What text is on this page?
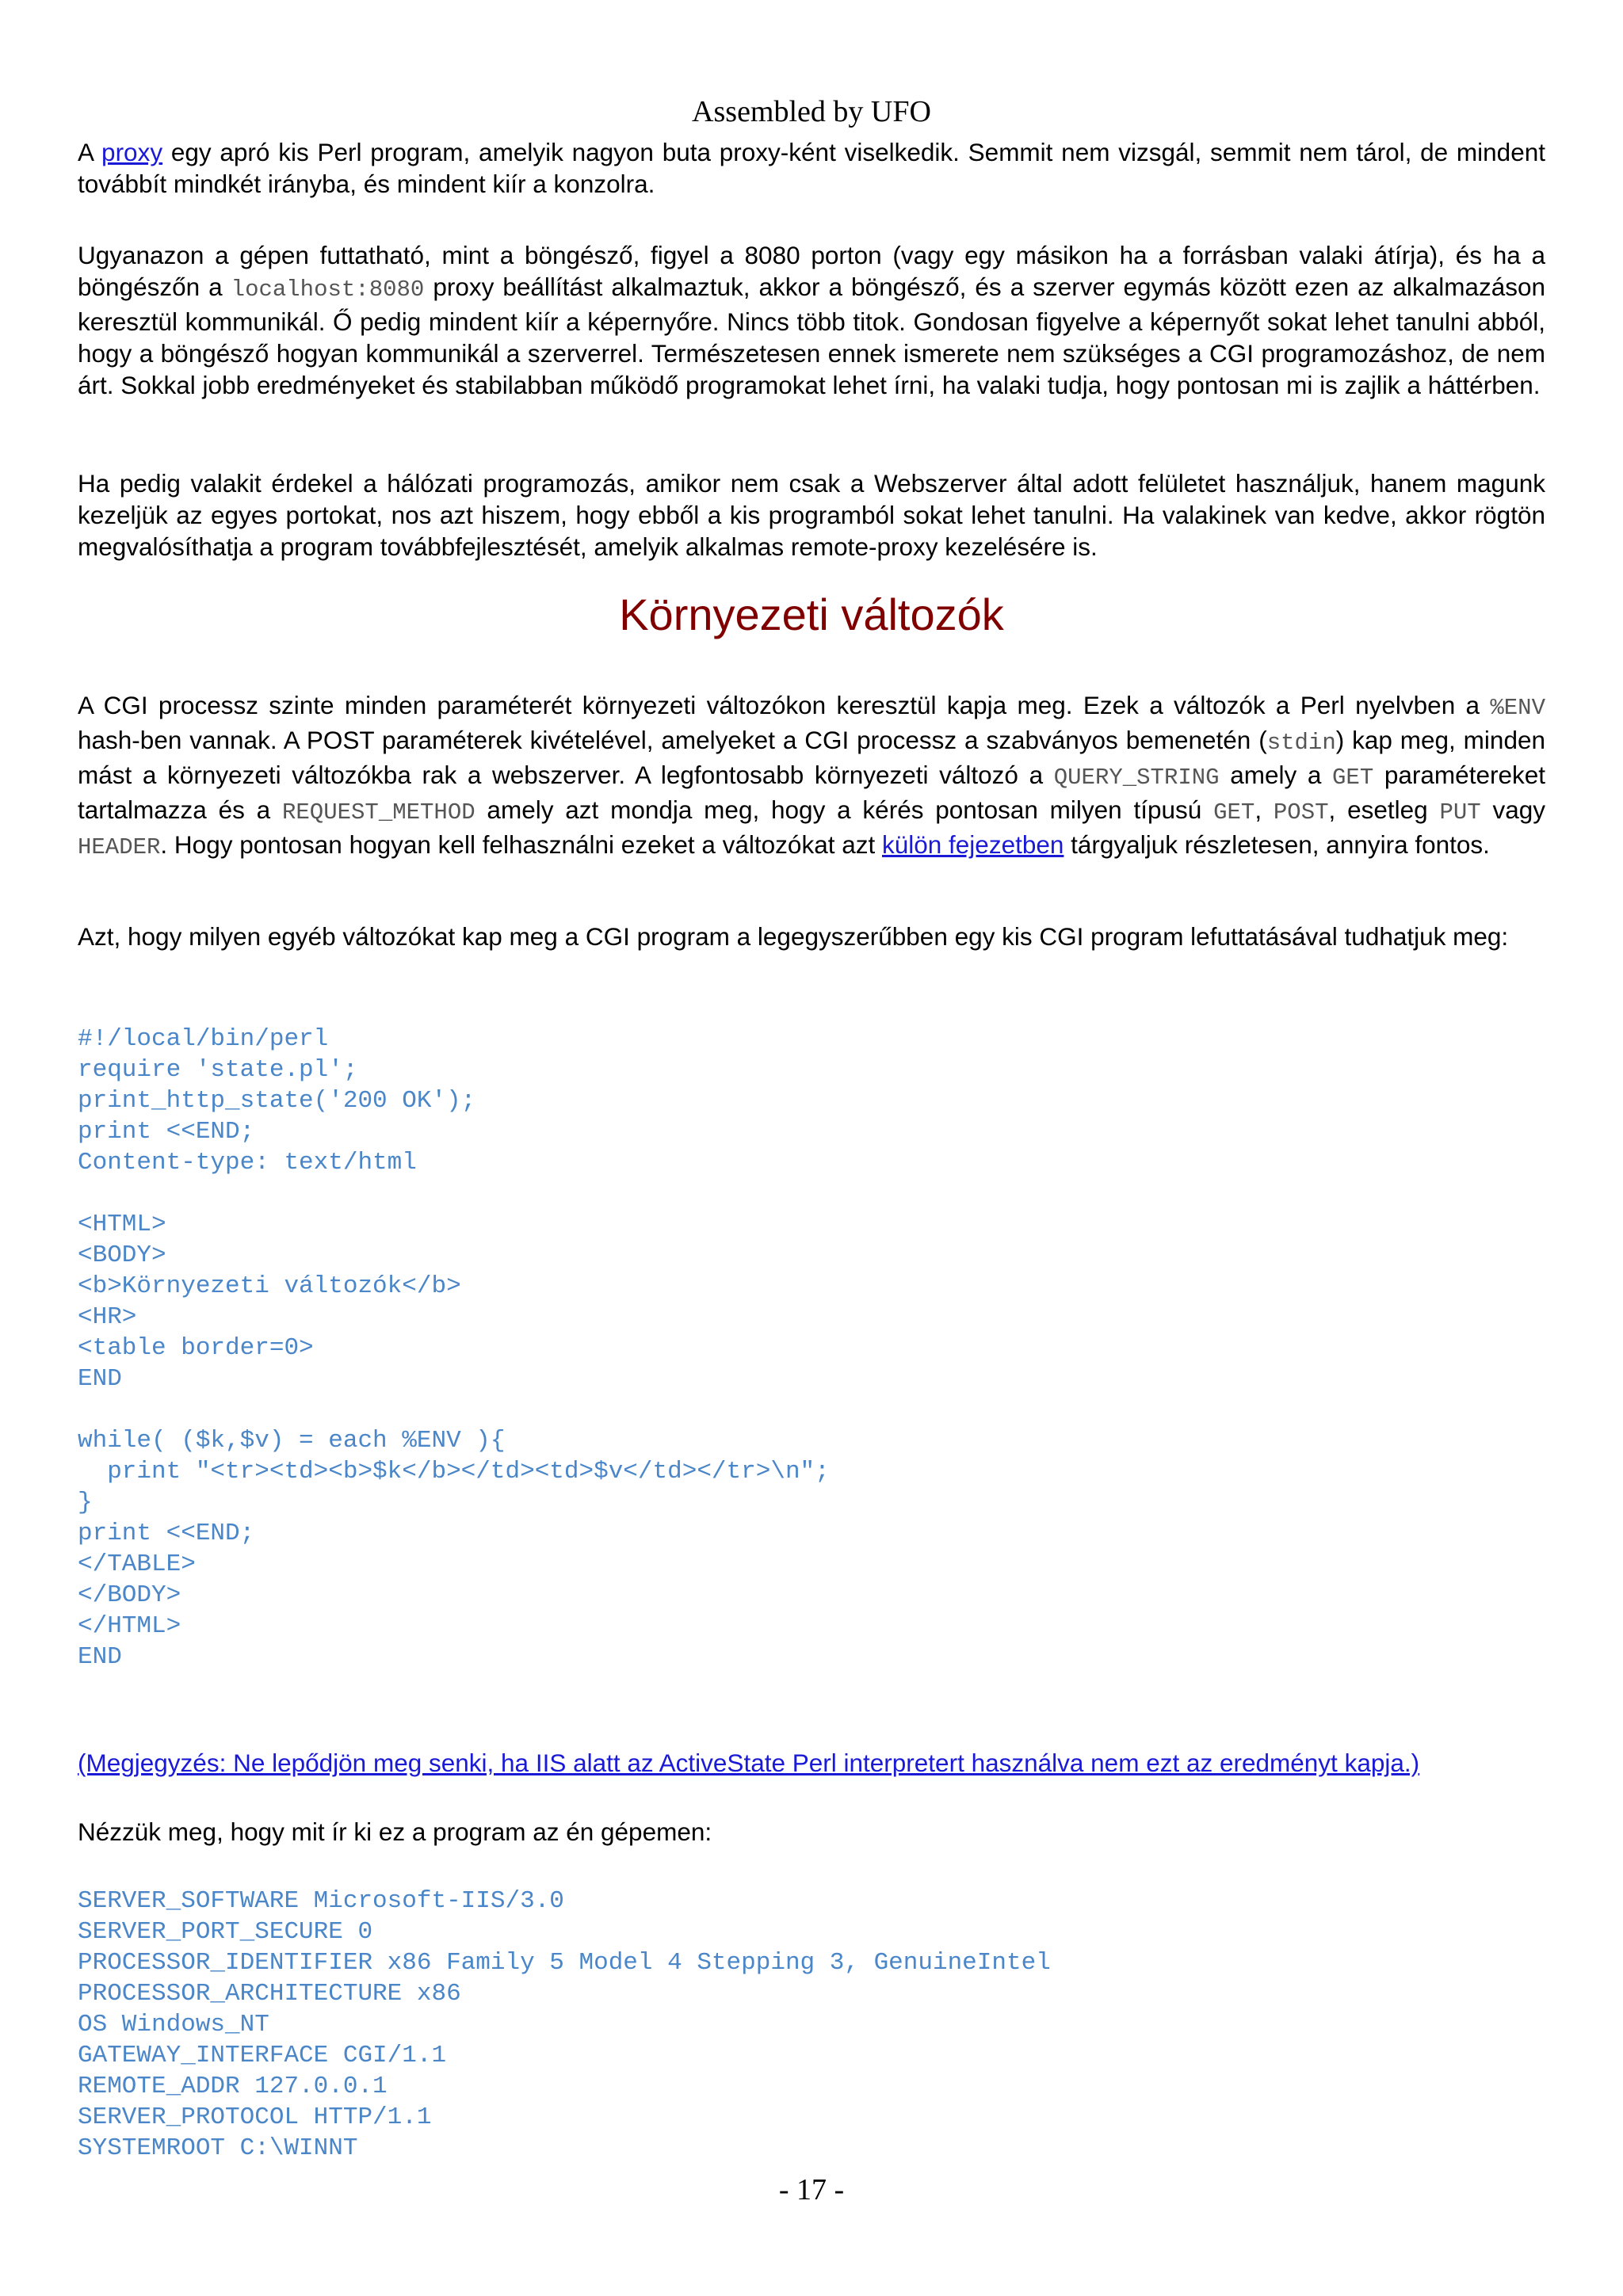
Assembled by UFO

A proxy egy apró kis Perl program, amelyik nagyon buta proxy-ként viselkedik. Semmit nem vizsgál, semmit nem tárol, de mindent továbbít mindkét irányba, és mindent kiír a konzolra.

Ugyanazon a gépen futtatható, mint a böngésző, figyel a 8080 porton (vagy egy másikon ha a forrásban valaki átírja), és ha a böngészőn a localhost:8080 proxy beállítást alkalmaztuk, akkor a böngésző, és a szerver egymás között ezen az alkalmazáson keresztül kommunikál. Ő pedig mindent kiír a képernyőre. Nincs több titok. Gondosan figyelve a képernyőt sokat lehet tanulni abból, hogy a böngésző hogyan kommunikál a szerverrel. Természetesen ennek ismerete nem szükséges a CGI programozáshoz, de nem árt. Sokkal jobb eredményeket és stabilabban működő programokat lehet írni, ha valaki tudja, hogy pontosan mi is zajlik a háttérben.

Ha pedig valakit érdekel a hálózati programozás, amikor nem csak a Webszerver által adott felületet használjuk, hanem magunk kezeljük az egyes portokat, nos azt hiszem, hogy ebből a kis programból sokat lehet tanulni. Ha valakinek van kedve, akkor rögtön megvalósíthatja a program továbbfejlesztését, amelyik alkalmas remote-proxy kezelésére is.

Környezeti változók

A CGI processz szinte minden paraméterét környezeti változókon keresztül kapja meg. Ezek a változók a Perl nyelvben a %ENV hash-ben vannak. A POST paraméterek kivételével, amelyeket a CGI processz a szabványos bemenetén (stdin) kap meg, minden mást a környezeti változókba rak a webszerver. A legfontosabb környezeti változó a QUERY_STRING amely a GET paramétereket tartalmazza és a REQUEST_METHOD amely azt mondja meg, hogy a kérés pontosan milyen típusú GET, POST, esetleg PUT vagy HEADER. Hogy pontosan hogyan kell felhasználni ezeket a változókat azt külön fejezetben tárgyaljuk részletesen, annyira fontos.

Azt, hogy milyen egyéb változókat kap meg a CGI program a legegyszerűbben egy kis CGI program lefuttatásával tudhatjuk meg:

#!/local/bin/perl
require 'state.pl';
print_http_state('200 OK');
print <<END;
Content-type: text/html

<HTML>
<BODY>
<b>Környezeti változók</b>
<HR>
<table border=0>
END

while( ($k,$v) = each %ENV ){
print "<tr><td><b>$k</b></td><td>$v</td></tr>\n";
}
print <<END;
</TABLE>
</BODY>
</HTML>
END

(Megjegyzés: Ne lepődjön meg senki, ha IIS alatt az ActiveState Perl interpretert használva nem ezt az eredményt kapja.)

Nézzük meg, hogy mit ír ki ez a program az én gépemen:

SERVER_SOFTWARE Microsoft-IIS/3.0
SERVER_PORT_SECURE 0
PROCESSOR_IDENTIFIER x86 Family 5 Model 4 Stepping 3, GenuineIntel
PROCESSOR_ARCHITECTURE x86
OS Windows_NT
GATEWAY_INTERFACE CGI/1.1
REMOTE_ADDR 127.0.0.1
SERVER_PROTOCOL HTTP/1.1
SYSTEMROOT C:\WINNT
- 17 -
